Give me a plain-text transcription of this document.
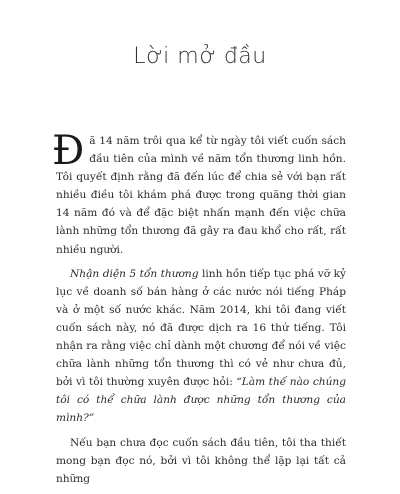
Lời mở đầu

Đã 14 năm trôi qua kể từ ngày tôi viết cuốn sách đầu tiên của mình về năm tổn thương linh hồn. Tôi quyết định rằng đã đến lúc để chia sẻ với bạn rất nhiều điều tôi khám phá được trong quãng thời gian 14 năm đó và để đặc biệt nhấn mạnh đến việc chữa lành những tổn thương đã gây ra đau khổ cho rất, rất nhiều người.

Nhận diện 5 tổn thương linh hồn tiếp tục phá vỡ kỷ lục về doanh số bán hàng ở các nước nói tiếng Pháp và ở một số nước khác. Năm 2014, khi tôi đang viết cuốn sách này, nó đã được dịch ra 16 thứ tiếng. Tôi nhận ra rằng việc chỉ dành một chương để nói về việc chữa lành những tổn thương thì có vẻ như chưa đủ, bởi vì tôi thường xuyên được hỏi: “Làm thế nào chúng tôi có thể chữa lành được những tổn thương của mình?”

Nếu bạn chưa đọc cuốn sách đầu tiên, tôi tha thiết mong bạn đọc nó, bởi vì tôi không thể lặp lại tất cả những
